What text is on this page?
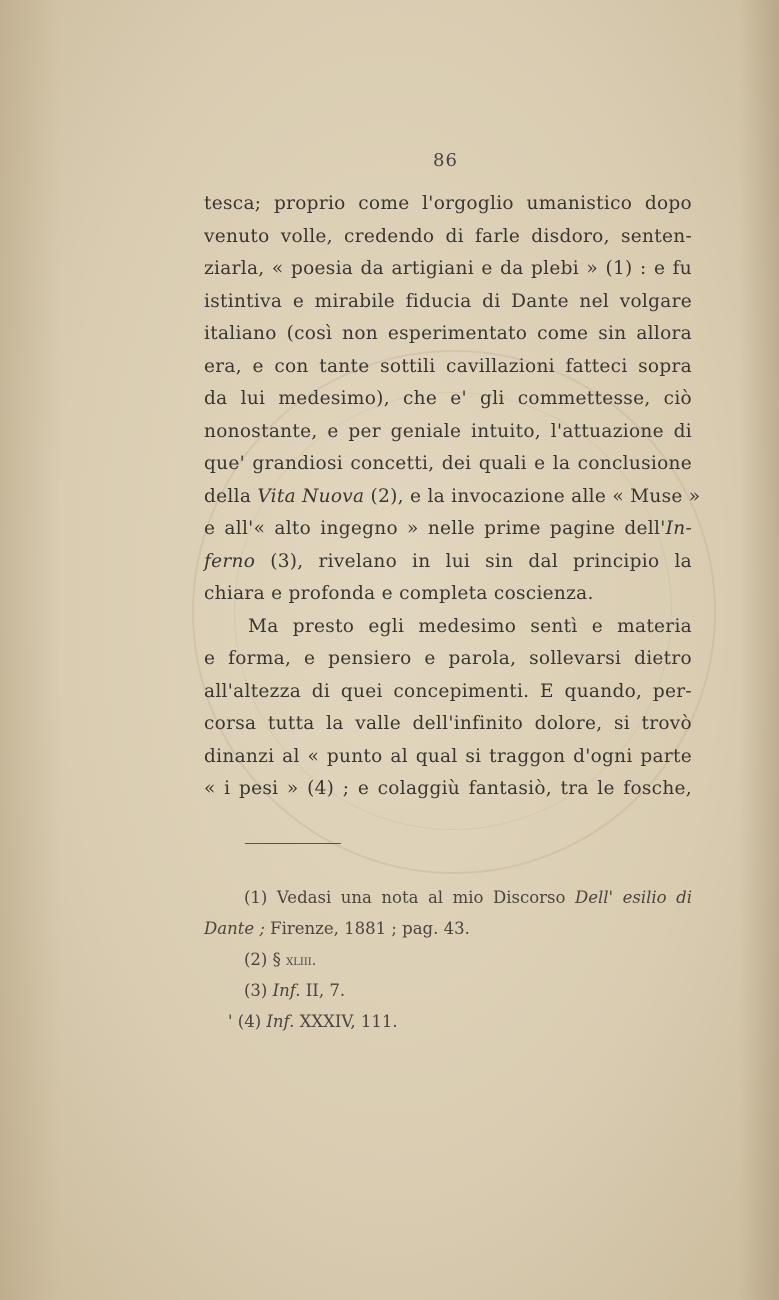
86
tesca; proprio come l'orgoglio umanistico dopo
venuto volle, credendo di farle disdoro, senten-
ziarla, « poesia da artigiani e da plebi » (1) : e fu
istintiva e mirabile fiducia di Dante nel volgare
italiano (così non esperimentato come sin allora
era, e con tante sottili cavillazioni fatteci sopra
da lui medesimo), che e' gli commettesse, ciò
nonostante, e per geniale intuito, l'attuazione di
que' grandiosi concetti, dei quali e la conclusione
della Vita Nuova (2), e la invocazione alle « Muse »
e all'« alto ingegno » nelle prime pagine dell'In-
ferno (3), rivelano in lui sin dal principio la
chiara e profonda e completa coscienza.
Ma presto egli medesimo sentì e materia
e forma, e pensiero e parola, sollevarsi dietro
all'altezza di quei concepimenti. E quando, per-
corsa tutta la valle dell'infinito dolore, si trovò
dinanzi al « punto al qual si traggon d'ogni parte
« i pesi » (4) ; e colaggiù fantasiò, tra le fosche,
(1) Vedasi una nota al mio Discorso Dell' esilio di
Dante ; Firenze, 1881 ; pag. 43.
(2) § xliii.
(3) Inf. II, 7.
' (4) Inf. XXXIV, 111.
